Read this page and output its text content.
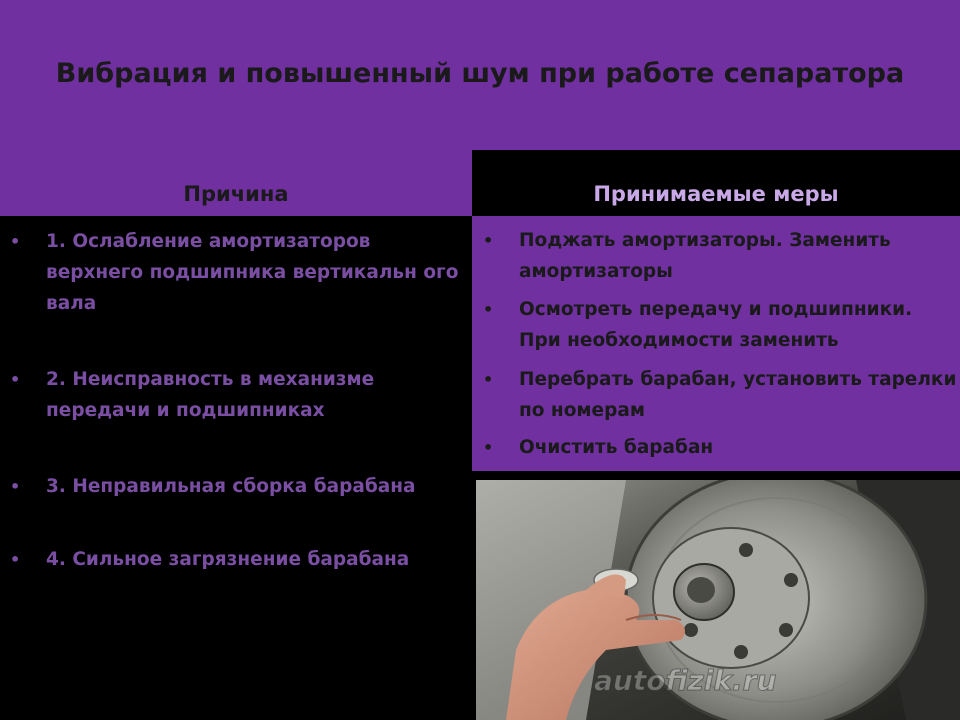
Вибрация и повышенный шум при работе сепаратора
Причина	Принимаемые меры
• 1. Ослабление амортизаторов верхнего подшипника вертикальн ого вала
• 2. Неисправность в механизме передачи и подшипниках
• 3. Неправильная сборка барабана
• 4. Сильное загрязнение барабана
• Поджать амортизаторы. Заменить амортизаторы
• Осмотреть передачу и подшипники. При необходимости заменить
• Перебрать барабан, установить тарелки по номерам
• Очистить барабан
autofizik.ru
